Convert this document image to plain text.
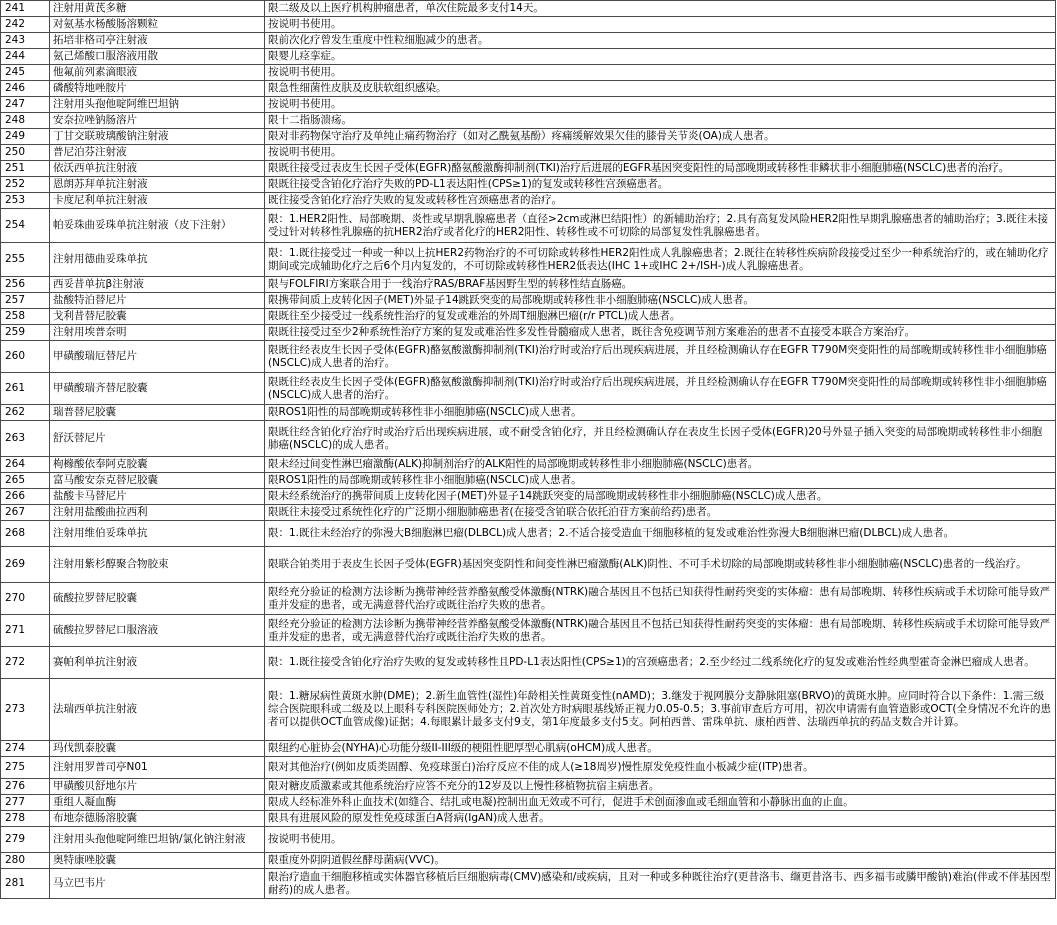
241	注射用黄芪多糖	限二级及以上医疗机构肿瘤患者，单次住院最多支付14天。
242	对氨基水杨酸肠溶颗粒	按说明书使用。
243	拓培非格司亭注射液	限前次化疗曾发生重度中性粒细胞减少的患者。
244	氨己烯酸口服溶液用散	限婴儿痉挛症。
245	他氟前列素滴眼液	按说明书使用。
246	磷酸特地唑胺片	限急性细菌性皮肤及皮肤软组织感染。
247	注射用头孢他啶阿维巴坦钠	按说明书使用。
248	安奈拉唑钠肠溶片	限十二指肠溃疡。
249	丁甘交联玻璃酸钠注射液	限对非药物保守治疗及单纯止痛药物治疗（如对乙酰氨基酚）疼痛缓解效果欠佳的膝骨关节炎(OA)成人患者。
250	普尼泊芬注射液	按说明书使用。
251	依沃西单抗注射液	限既往接受过表皮生长因子受体(EGFR)酪氨酸激酶抑制剂(TKI)治疗后进展的EGFR基因突变阳性的局部晚期或转移性非鳞状非小细胞肺癌(NSCLC)患者的治疗。
252	恩朗苏拜单抗注射液	限既往接受含铂化疗治疗失败的PD-L1表达阳性(CPS≥1)的复发或转移性宫颈癌患者。
253	卡度尼利单抗注射液	既往接受含铂化疗治疗失败的复发或转移性宫颈癌患者的治疗。
254	帕妥珠曲妥珠单抗注射液（皮下注射）	限：1.HER2阳性、局部晚期、炎性或早期乳腺癌患者（直径>2cm或淋巴结阳性）的新辅助治疗；2.具有高复发风险HER2阳性早期乳腺癌患者的辅助治疗；3.既往未接受过针对转移性乳腺癌的抗HER2治疗或者化疗的HER2阳性、转移性或不可切除的局部复发性乳腺癌患者。
255	注射用德曲妥珠单抗	限：1.既往接受过一种或一种以上抗HER2药物治疗的不可切除或转移性HER2阳性成人乳腺癌患者；2.既往在转移性疾病阶段接受过至少一种系统治疗的，或在辅助化疗期间或完成辅助化疗之后6个月内复发的，不可切除或转移性HER2低表达(IHC 1+或IHC 2+/ISH-)成人乳腺癌患者。
256	西妥昔单抗β注射液	限与FOLFIRI方案联合用于一线治疗RAS/BRAF基因野生型的转移性结直肠癌。
257	盐酸特泊替尼片	限携带间质上皮转化因子(MET)外显子14跳跃突变的局部晚期或转移性非小细胞肺癌(NSCLC)成人患者。
258	戈利昔替尼胶囊	限既往至少接受过一线系统性治疗的复发或难治的外周T细胞淋巴瘤(r/r PTCL)成人患者。
259	注射用埃普奈明	限既往接受过至少2种系统性治疗方案的复发或难治性多发性骨髓瘤成人患者，既往含免疫调节剂方案难治的患者不直接受本联合方案治疗。
260	甲磺酸瑞厄替尼片	限既往经表皮生长因子受体(EGFR)酪氨酸激酶抑制剂(TKI)治疗时或治疗后出现疾病进展，并且经检测确认存在EGFR T790M突变阳性的局部晚期或转移性非小细胞肺癌(NSCLC)成人患者的治疗。
261	甲磺酸瑞齐替尼胶囊	限既往经表皮生长因子受体(EGFR)酪氨酸激酶抑制剂(TKI)治疗时或治疗后出现疾病进展，并且经检测确认存在EGFR T790M突变阳性的局部晚期或转移性非小细胞肺癌(NSCLC)成人患者的治疗。
262	瑞普替尼胶囊	限ROS1阳性的局部晚期或转移性非小细胞肺癌(NSCLC)成人患者。
263	舒沃替尼片	限既往经含铂化疗治疗时或治疗后出现疾病进展，或不耐受含铂化疗，并且经检测确认存在表皮生长因子受体(EGFR)20号外显子插入突变的局部晚期或转移性非小细胞肺癌(NSCLC)的成人患者。
264	枸橼酸依奉阿克胶囊	限未经过间变性淋巴瘤激酶(ALK)抑制剂治疗的ALK阳性的局部晚期或转移性非小细胞肺癌(NSCLC)患者。
265	富马酸安奈克替尼胶囊	限ROS1阳性的局部晚期或转移性非小细胞肺癌(NSCLC)成人患者。
266	盐酸卡马替尼片	限未经系统治疗的携带间质上皮转化因子(MET)外显子14跳跃突变的局部晚期或转移性非小细胞肺癌(NSCLC)成人患者。
267	注射用盐酸曲拉西利	限既往未接受过系统性化疗的广泛期小细胞肺癌患者(在接受含铂联合依托泊苷方案前给药)患者。
268	注射用维伯妥珠单抗	限：1.既往未经治疗的弥漫大B细胞淋巴瘤(DLBCL)成人患者；2.不适合接受造血干细胞移植的复发或难治性弥漫大B细胞淋巴瘤(DLBCL)成人患者。
269	注射用紫杉醇聚合物胶束	限联合铂类用于表皮生长因子受体(EGFR)基因突变阴性和间变性淋巴瘤激酶(ALK)阴性、不可手术切除的局部晚期或转移性非小细胞肺癌(NSCLC)患者的一线治疗。
270	硫酸拉罗替尼胶囊	限经充分验证的检测方法诊断为携带神经营养酪氨酸受体激酶(NTRK)融合基因且不包括已知获得性耐药突变的实体瘤：患有局部晚期、转移性疾病或手术切除可能导致严重并发症的患者，或无满意替代治疗或既往治疗失败的患者。
271	硫酸拉罗替尼口服溶液	限经充分验证的检测方法诊断为携带神经营养酪氨酸受体激酶(NTRK)融合基因且不包括已知获得性耐药突变的实体瘤：患有局部晚期、转移性疾病或手术切除可能导致严重并发症的患者，或无满意替代治疗或既往治疗失败的患者。
272	赛帕利单抗注射液	限：1.既往接受含铂化疗治疗失败的复发或转移性且PD-L1表达阳性(CPS≥1)的宫颈癌患者；2.至少经过二线系统化疗的复发或难治性经典型霍奇金淋巴瘤成人患者。
273	法瑞西单抗注射液	限：1.糖尿病性黄斑水肿(DME)；2.新生血管性(湿性)年龄相关性黄斑变性(nAMD)；3.继发于视网膜分支静脉阻塞(BRVO)的黄斑水肿。应同时符合以下条件：1.需三级综合医院眼科或二级及以上眼科专科医院医师处方；2.首次处方时病眼基线矫正视力0.05-0.5；3.事前审查后方可用，初次申请需有血管造影或OCT(全身情况不允许的患者可以提供OCT血管成像)证据；4.每眼累计最多支付9支，第1年度最多支付5支。阿柏西普、雷珠单抗、康柏西普、法瑞西单抗的药品支数合并计算。
274	玛伐凯泰胶囊	限纽约心脏协会(NYHA)心功能分级II-III级的梗阻性肥厚型心肌病(oHCM)成人患者。
275	注射用罗普司亭N01	限对其他治疗(例如皮质类固醇、免疫球蛋白)治疗反应不佳的成人(≥18周岁)慢性原发免疫性血小板减少症(ITP)患者。
276	甲磺酸贝舒地尔片	限对糖皮质激素或其他系统治疗应答不充分的12岁及以上慢性移植物抗宿主病患者。
277	重组人凝血酶	限成人经标准外科止血技术(如缝合、结扎或电凝)控制出血无效或不可行，促进手术创面渗血或毛细血管和小静脉出血的止血。
278	布地奈德肠溶胶囊	限具有进展风险的原发性免疫球蛋白A肾病(IgAN)成人患者。
279	注射用头孢他啶阿维巴坦钠/氯化钠注射液	按说明书使用。
280	奥特康唑胶囊	限重度外阴阴道假丝酵母菌病(VVC)。
281	马立巴韦片	限治疗造血干细胞移植或实体器官移植后巨细胞病毒(CMV)感染和/或疾病，且对一种或多种既往治疗(更昔洛韦、缬更昔洛韦、西多福韦或膦甲酸钠)难治(伴或不伴基因型耐药)的成人患者。
